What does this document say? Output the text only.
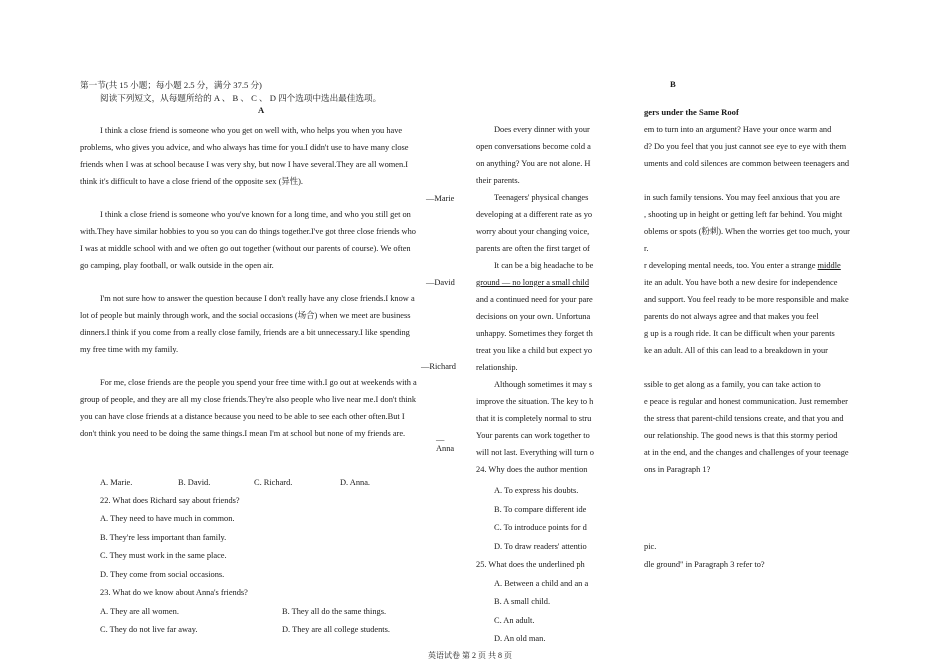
第一节(共 15 小题；每小题 2.5 分，满分 37.5 分)
阅读下列短文，从每题所给的 A 、 B 、 C 、 D 四个选项中选出最佳选项。
A
I think a close friend is someone who you get on well with, who helps you when you have
problems, who gives you advice, and who always has time for you.I didn't use to have many close
friends when I was at school because I was very shy, but now I have several.They are all women.I
think it's difficult to have a close friend of the opposite sex (异性).
—Marie
I think a close friend is someone who you've known for a long time, and who you still get on
with.They have similar hobbies to you so you can do things together.I've got three close friends who
I was at middle school with and we often go out together (without our parents of course). We often
go camping, play football, or walk outside in the open air.
—David
I'm not sure how to answer the question because I don't really have any close friends.I know a
lot of people but mainly through work, and the social occasions (场合) when we meet are business
dinners.I think if you come from a really close family, friends are a bit unnecessary.I like spending
my free time with my family.
—Richard
For me, close friends are the people you spend your free time with.I go out at weekends with a
group of people, and they are all my close friends.They're also people who live near me.I don't think
you can have close friends at a distance because you need to be able to see each other often.But I
don't think you need to be doing the same things.I mean I'm at school but none of my friends are.
—Anna
A. Marie.	B. David.	C. Richard.	D. Anna.
22. What does Richard say about friends?
A. They need to have much in common.
B. They're less important than family.
C. They must work in the same place.
D. They come from social occasions.
23. What do we know about Anna's friends?
A. They are all women.	B. They all do the same things.
C. They do not live far away.	D. They are all college students.
B
gers under the Same Roof
Does every dinner with your
open conversations become cold a
on anything? You are not alone. H
their parents.
Teenagers' physical changes
developing at a different rate as yo
worry about your changing voice,
parents are often the first target of
It can be a big headache to be
ground — no longer a small child
and a continued need for your pare
decisions on your own. Unfortuna
unhappy. Sometimes they forget th
treat you like a child but expect yo
relationship.
Although sometimes it may s
improve the situation. The key to h
that it is completely normal to stru
Your parents can work together to
will not last. Everything will turn o
em to turn into an argument? Have your once warm and
d? Do you feel that you just cannot see eye to eye with them
uments and cold silences are common between teenagers and
in such family tensions. You may feel anxious that you are
, shooting up in height or getting left far behind. You might
oblems or spots (粉刺). When the worries get too much, your
r.
r developing mental needs, too. You enter a strange middle
ite an adult. You have both a new desire for independence
and support. You feel ready to be more responsible and make
parents do not always agree and that makes you feel
g up is a rough ride. It can be difficult when your parents
ke an adult. All of this can lead to a breakdown in your
ssible to get along as a family, you can take action to
e peace is regular and honest communication. Just remember
the stress that parent-child tensions create, and that you and
our relationship. The good news is that this stormy period
at in the end, and the changes and challenges of your teenage
24. Why does the author mention	ons in Paragraph 1?
A. To express his doubts.
B. To compare different ide
C. To introduce points for d
D. To draw readers' attentio	pic.
25. What does the underlined ph	dle ground" in Paragraph 3 refer to?
A. Between a child and an a
B. A small child.
C. An adult.
D. An old man.
英语试卷 第 2 页 共 8 页
